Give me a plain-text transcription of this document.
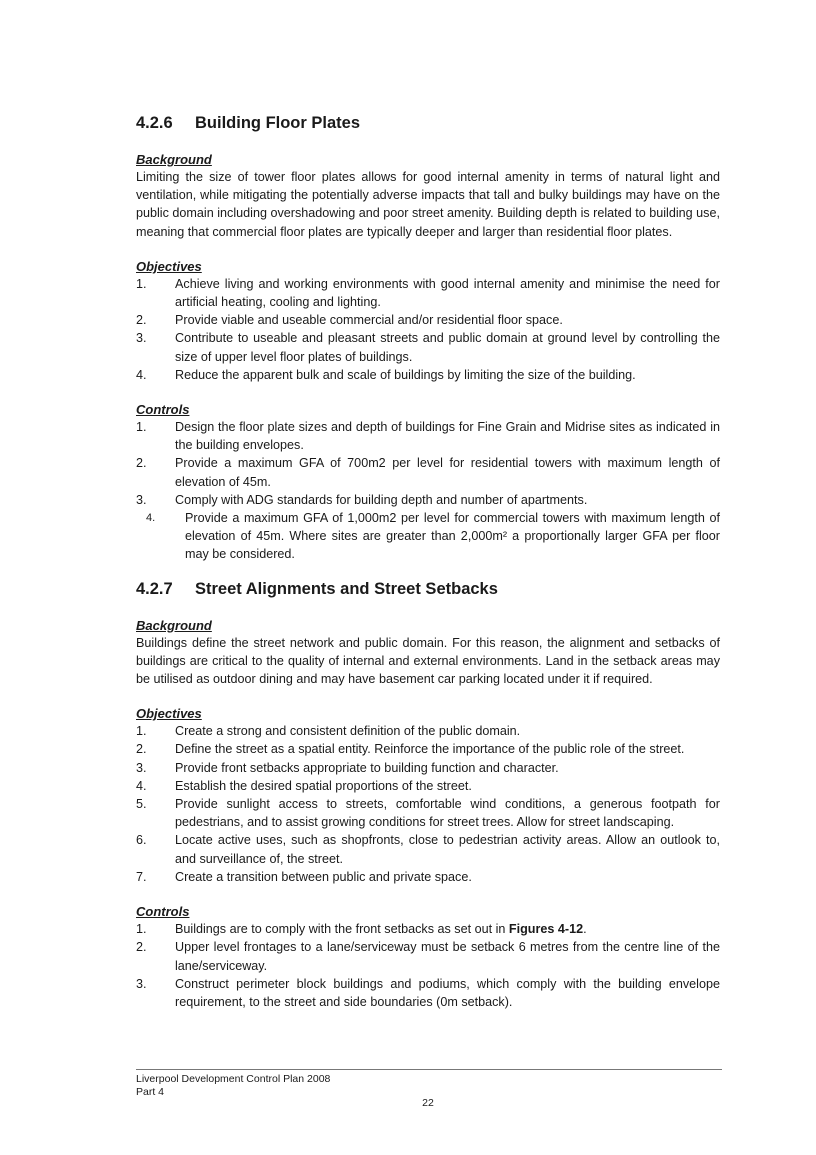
4.2.6	Building Floor Plates
Background

Limiting the size of tower floor plates allows for good internal amenity in terms of natural light and ventilation, while mitigating the potentially adverse impacts that tall and bulky buildings may have on the public domain including overshadowing and poor street amenity. Building depth is related to building use, meaning that commercial floor plates are typically deeper and larger than residential floor plates.

Objectives
1.	Achieve living and working environments with good internal amenity and minimise the need for artificial heating, cooling and lighting.
2.	Provide viable and useable commercial and/or residential floor space.
3.	Contribute to useable and pleasant streets and public domain at ground level by controlling the size of upper level floor plates of buildings.
4.	Reduce the apparent bulk and scale of buildings by limiting the size of the building.
Controls
1.	Design the floor plate sizes and depth of buildings for Fine Grain and Midrise sites as indicated in the building envelopes.
2.	Provide a maximum GFA of 700m2 per level for residential towers with maximum length of elevation of 45m.
3.	Comply with ADG standards for building depth and number of apartments.
4.	Provide a maximum GFA of 1,000m2 per level for commercial towers with maximum length of elevation of 45m. Where sites are greater than 2,000m² a proportionally larger GFA per floor may be considered.
4.2.7	Street Alignments and Street Setbacks
Background

Buildings define the street network and public domain. For this reason, the alignment and setbacks of buildings are critical to the quality of internal and external environments. Land in the setback areas may be utilised as outdoor dining and may have basement car parking located under it if required.

Objectives
1.	Create a strong and consistent definition of the public domain.
2.	Define the street as a spatial entity. Reinforce the importance of the public role of the street.
3.	Provide front setbacks appropriate to building function and character.
4.	Establish the desired spatial proportions of the street.
5.	Provide sunlight access to streets, comfortable wind conditions, a generous footpath for pedestrians, and to assist growing conditions for street trees. Allow for street landscaping.
6.	Locate active uses, such as shopfronts, close to pedestrian activity areas. Allow an outlook to, and surveillance of, the street.
7.	Create a transition between public and private space.
Controls
1.	Buildings are to comply with the front setbacks as set out in Figures 4-12.
2.	Upper level frontages to a lane/serviceway must be setback 6 metres from the centre line of the lane/serviceway.
3.	Construct perimeter block buildings and podiums, which comply with the building envelope requirement, to the street and side boundaries (0m setback).
Liverpool Development Control Plan 2008
Part 4
22
